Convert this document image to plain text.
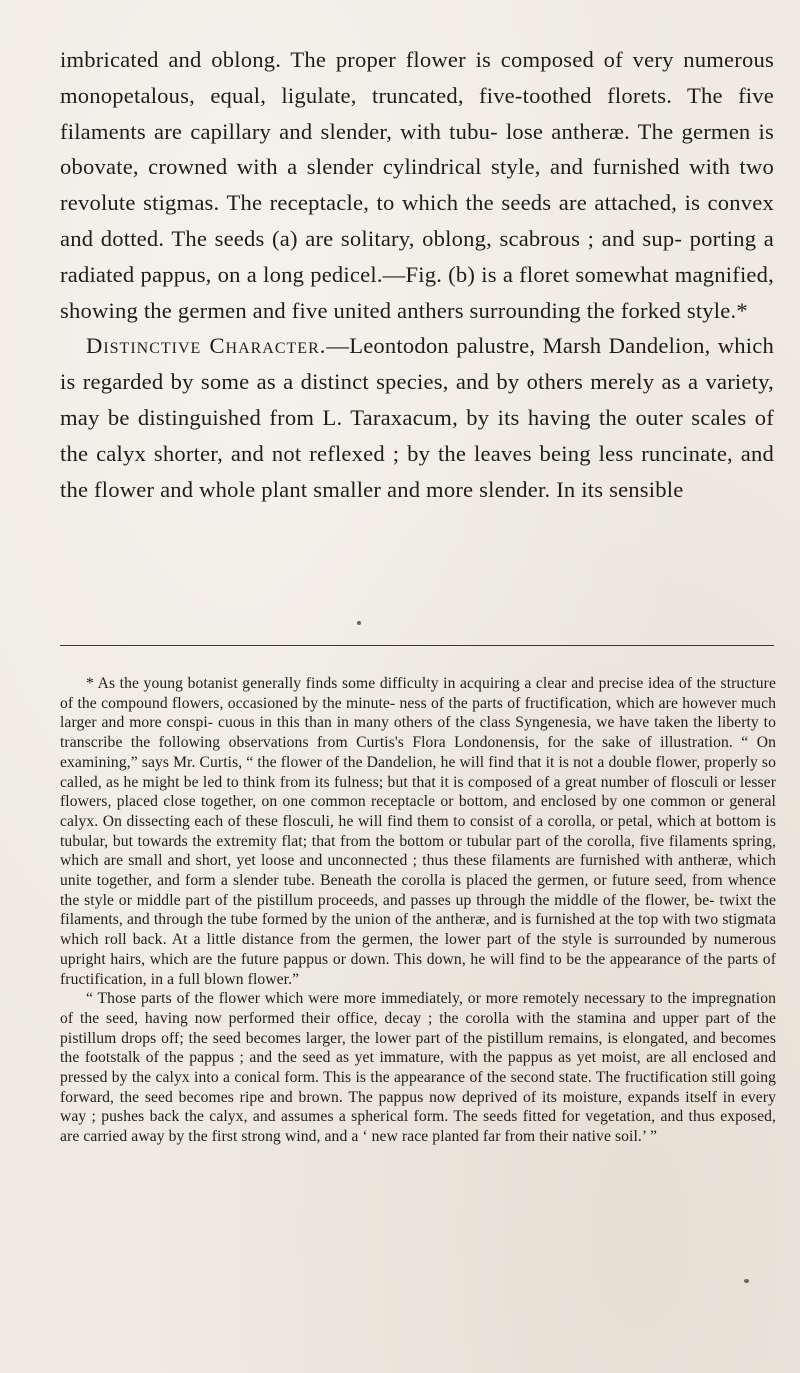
imbricated and oblong. The proper flower is composed of very numerous monopetalous, equal, ligulate, truncated, five-toothed florets. The five filaments are capillary and slender, with tubu- lose antheræ. The germen is obovate, crowned with a slender cylindrical style, and furnished with two revolute stigmas. The receptacle, to which the seeds are attached, is convex and dotted. The seeds (a) are solitary, oblong, scabrous ; and sup- porting a radiated pappus, on a long pedicel.—Fig. (b) is a floret somewhat magnified, showing the germen and five united anthers surrounding the forked style.*

Distinctive Character.—Leontodon palustre, Marsh Dandelion, which is regarded by some as a distinct species, and by others merely as a variety, may be distinguished from L. Taraxacum, by its having the outer scales of the calyx shorter, and not reflexed ; by the leaves being less runcinate, and the flower and whole plant smaller and more slender. In its sensible

* As the young botanist generally finds some difficulty in acquiring a clear and precise idea of the structure of the compound flowers, occasioned by the minute- ness of the parts of fructification, which are however much larger and more conspi- cuous in this than in many others of the class Syngenesia, we have taken the liberty to transcribe the following observations from Curtis's Flora Londonensis, for the sake of illustration. “ On examining,” says Mr. Curtis, “ the flower of the Dandelion, he will find that it is not a double flower, properly so called, as he might be led to think from its fulness; but that it is composed of a great number of flosculi or lesser flowers, placed close together, on one common receptacle or bottom, and enclosed by one common or general calyx. On dissecting each of these flosculi, he will find them to consist of a corolla, or petal, which at bottom is tubular, but towards the extremity flat; that from the bottom or tubular part of the corolla, five filaments spring, which are small and short, yet loose and unconnected ; thus these filaments are furnished with antheræ, which unite together, and form a slender tube. Beneath the corolla is placed the germen, or future seed, from whence the style or middle part of the pistillum proceeds, and passes up through the middle of the flower, be- twixt the filaments, and through the tube formed by the union of the antheræ, and is furnished at the top with two stigmata which roll back. At a little distance from the germen, the lower part of the style is surrounded by numerous upright hairs, which are the future pappus or down. This down, he will find to be the appearance of the parts of fructification, in a full blown flower.”

“ Those parts of the flower which were more immediately, or more remotely necessary to the impregnation of the seed, having now performed their office, decay ; the corolla with the stamina and upper part of the pistillum drops off; the seed becomes larger, the lower part of the pistillum remains, is elongated, and becomes the footstalk of the pappus ; and the seed as yet immature, with the pappus as yet moist, are all enclosed and pressed by the calyx into a conical form. This is the appearance of the second state. The fructification still going forward, the seed becomes ripe and brown. The pappus now deprived of its moisture, expands itself in every way ; pushes back the calyx, and assumes a spherical form. The seeds fitted for vegetation, and thus exposed, are carried away by the first strong wind, and a ‘ new race planted far from their native soil.’ ”
